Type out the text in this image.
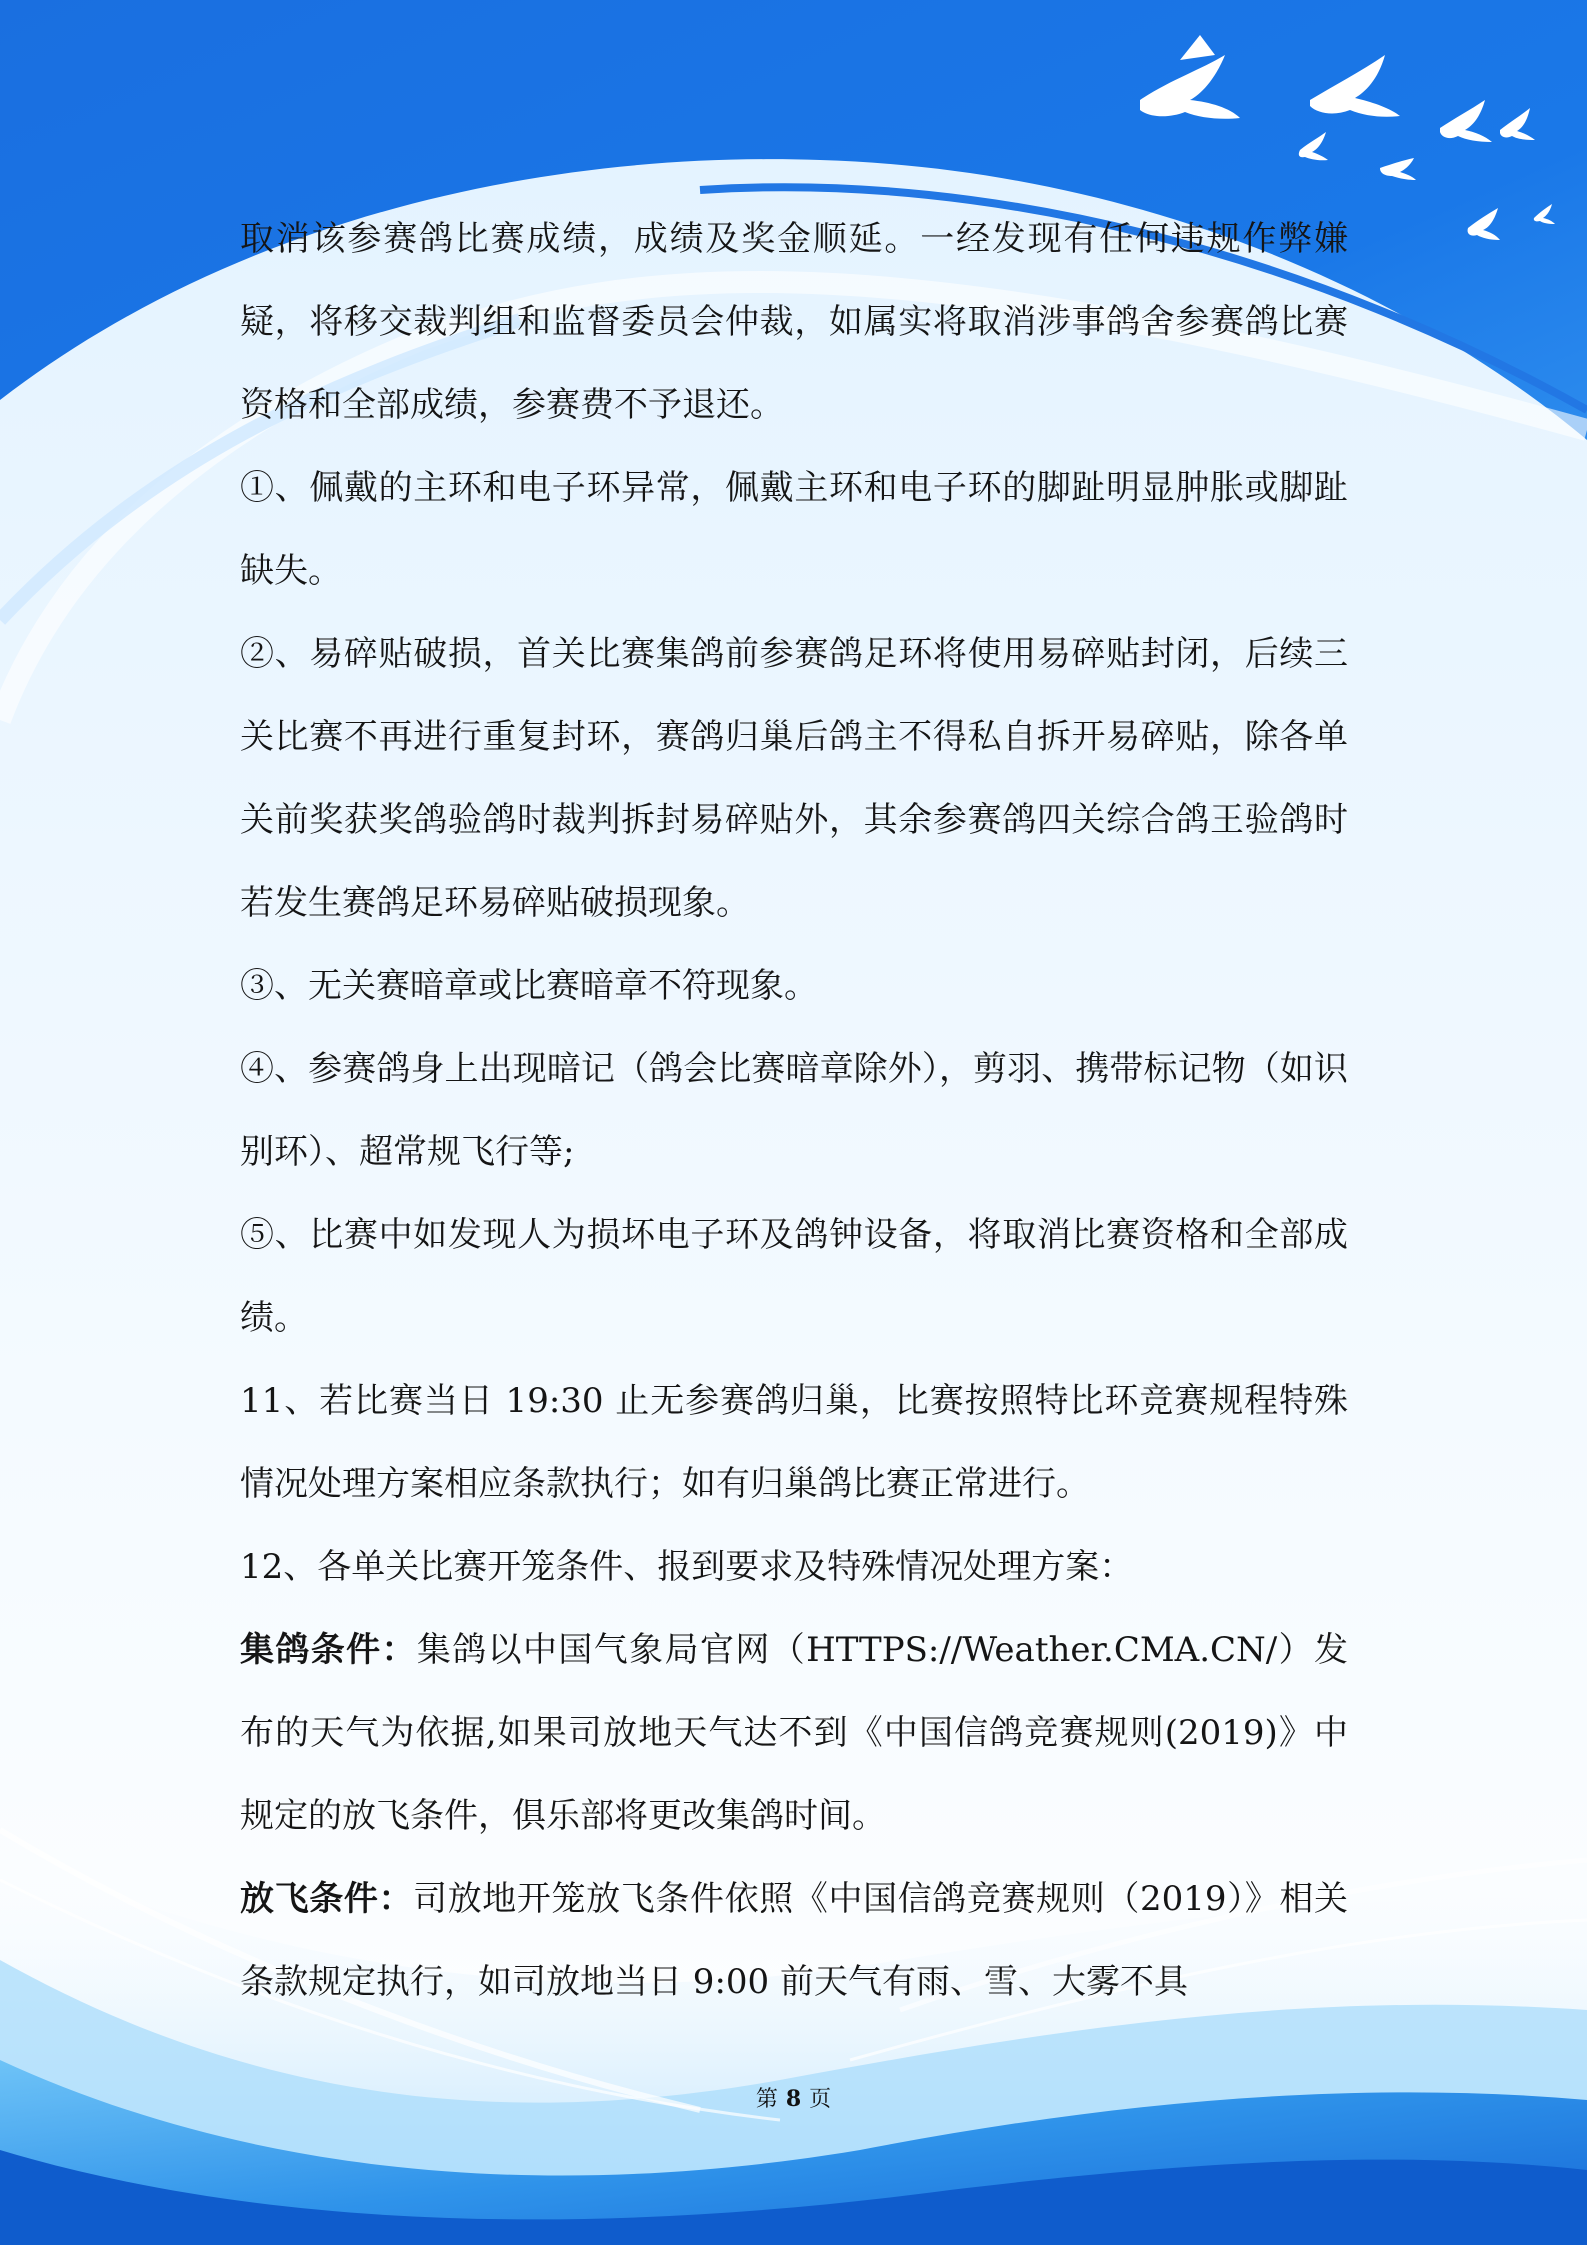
取消该参赛鸽比赛成绩，成绩及奖金顺延。一经发现有任何违规作弊嫌疑，将移交裁判组和监督委员会仲裁，如属实将取消涉事鸽舍参赛鸽比赛资格和全部成绩，参赛费不予退还。

①、佩戴的主环和电子环异常，佩戴主环和电子环的脚趾明显肿胀或脚趾缺失。

②、易碎贴破损，首关比赛集鸽前参赛鸽足环将使用易碎贴封闭，后续三关比赛不再进行重复封环，赛鸽归巢后鸽主不得私自拆开易碎贴，除各单关前奖获奖鸽验鸽时裁判拆封易碎贴外，其余参赛鸽四关综合鸽王验鸽时若发生赛鸽足环易碎贴破损现象。

③、无关赛暗章或比赛暗章不符现象。

④、参赛鸽身上出现暗记（鸽会比赛暗章除外），剪羽、携带标记物（如识别环）、超常规飞行等;

⑤、比赛中如发现人为损坏电子环及鸽钟设备，将取消比赛资格和全部成绩。

11、若比赛当日 19:30 止无参赛鸽归巢，比赛按照特比环竞赛规程特殊情况处理方案相应条款执行；如有归巢鸽比赛正常进行。

12、各单关比赛开笼条件、报到要求及特殊情况处理方案：

集鸽条件：集鸽以中国气象局官网（HTTPS://Weather.CMA.CN/）发布的天气为依据,如果司放地天气达不到《中国信鸽竞赛规则(2019)》中规定的放飞条件，俱乐部将更改集鸽时间。

放飞条件：司放地开笼放飞条件依照《中国信鸽竞赛规则（2019）》相关条款规定执行，如司放地当日 9:00 前天气有雨、雪、大雾不具

第 8 页
